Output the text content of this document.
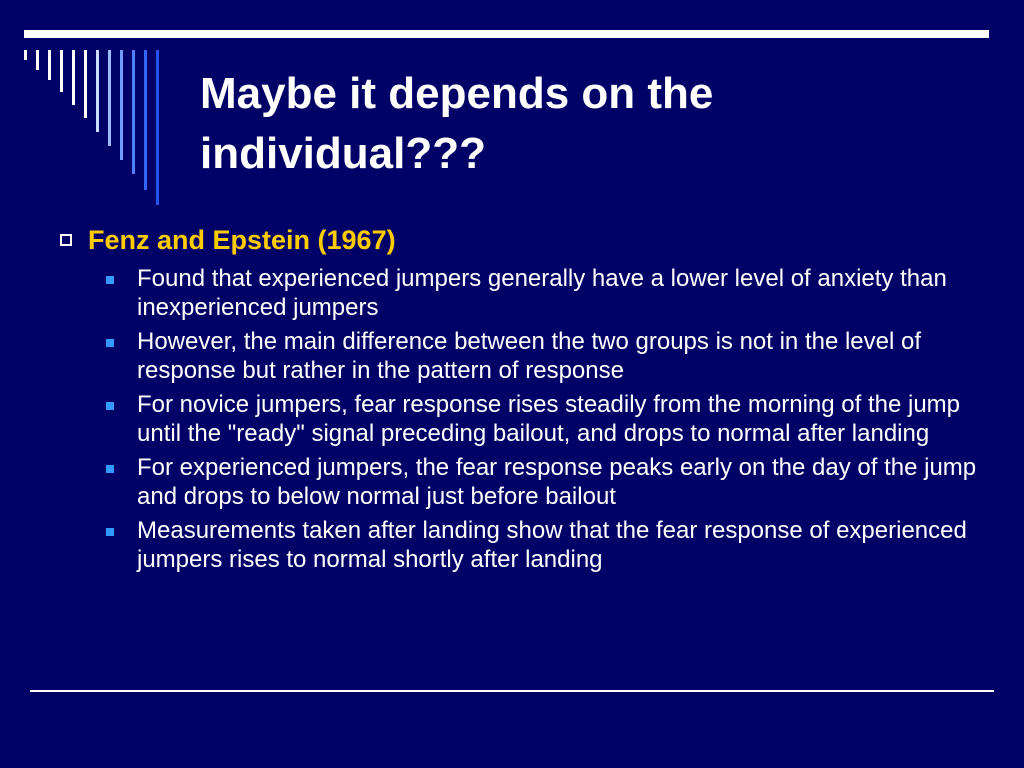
Maybe it depends on the individual???
Fenz and Epstein (1967)
Found that experienced jumpers generally have a lower level of anxiety than inexperienced jumpers
However, the main difference between the two groups is not in the level of response but rather in the pattern of response
For novice jumpers, fear response rises steadily from the morning of the jump until the "ready" signal preceding bailout, and drops to normal after landing
For experienced jumpers, the fear response peaks early on the day of the jump and drops to below normal just before bailout
Measurements taken after landing show that the fear response of experienced jumpers rises to normal shortly after landing
